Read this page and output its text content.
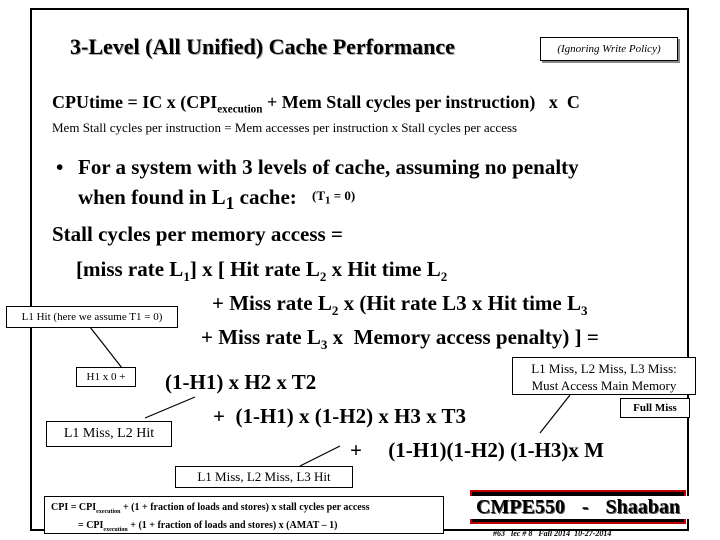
3-Level (All Unified) Cache Performance	(Ignoring Write Policy)
CPUtime = IC x ($CPI_{execution}$ + Mem Stall cycles per instruction)   x  C
Mem Stall cycles per instruction = Mem accesses per instruction x Stall cycles per access
• For a system with 3 levels of cache, assuming no penalty
when found in $L_1$ cache: $(T_1 = 0)$
Stall cycles per memory access =
[miss rate $L_1$] x [ Hit rate $L_2$ x Hit time $L_2$
+ Miss rate $L_2$ x (Hit rate L3 x Hit time $L_3$
+ Miss rate $L_3$ x  Memory access penalty) ] =
(1-H1) x H2 x T2
+  (1-H1) x (1-H2) x H3 x T3
+     (1-H1)(1-H2) (1-H3)x M
L1 Hit (here we assume T1 = 0)
H1 x 0 +
L1 Miss, L2 Hit
L1 Miss, L2 Miss, L3 Hit
L1 Miss, L2 Miss, L3 Miss:
Must Access Main Memory
Full Miss
CPI = $CPI_{execution} + (1$ + fraction of loads and stores) x stall cycles per access
= $CPI_{execution} + (1$ + fraction of loads and stores) x (AMAT – 1)
CMPE550 - Shaaban
#63   lec # 8   Fall 2014  10-27-2014
